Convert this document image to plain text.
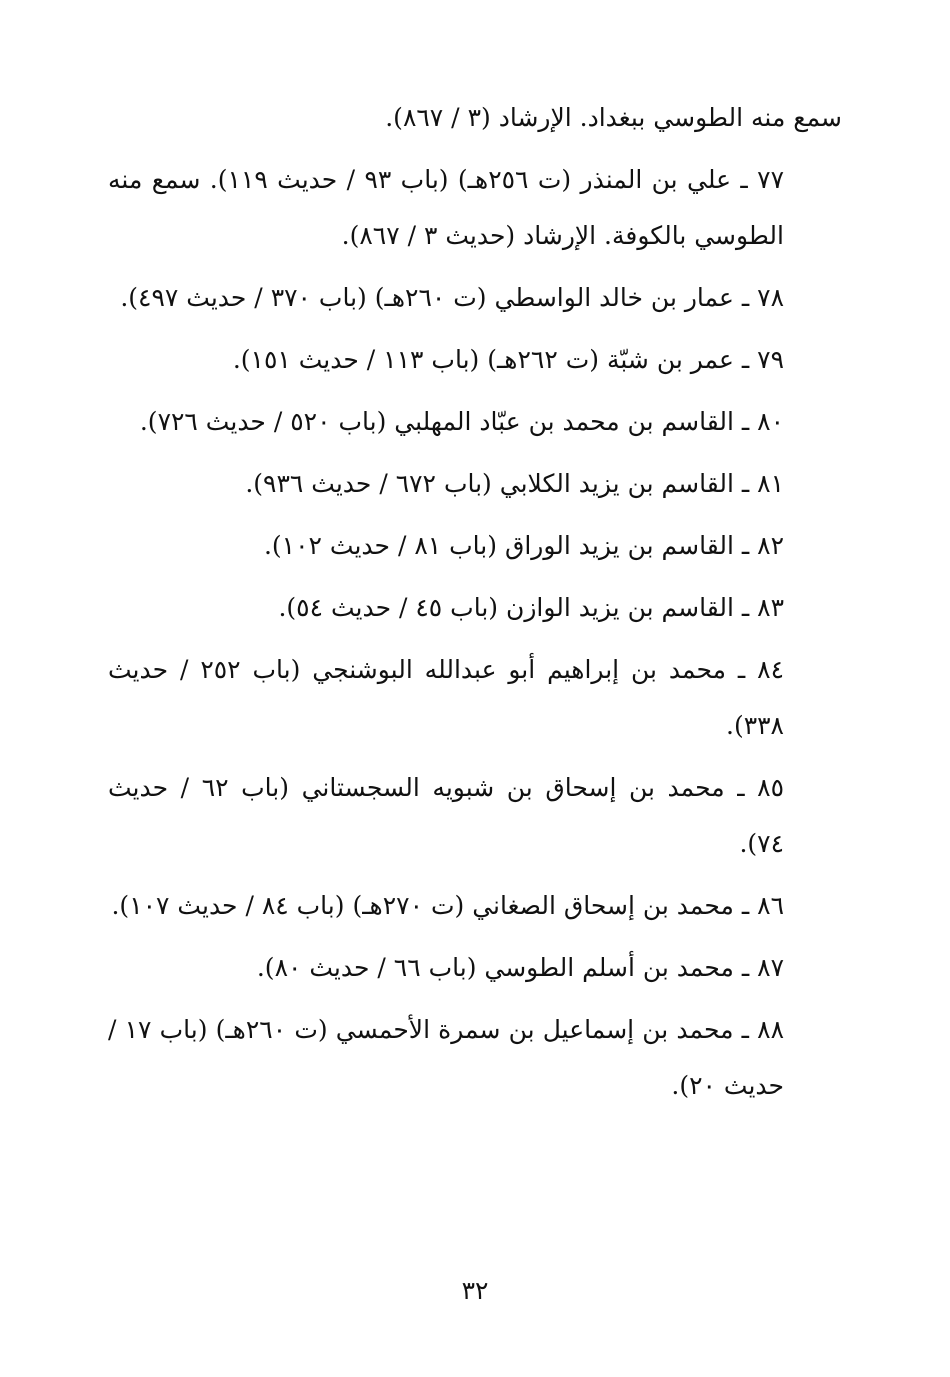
سمع منه الطوسي ببغداد. الإرشاد (٣ / ٨٦٧).

٧٧ ـ علي بن المنذر (ت ٢٥٦هـ) (باب ٩٣ / حديث ١١٩). سمع منه الطوسي بالكوفة. الإرشاد (حديث ٣ / ٨٦٧).

٧٨ ـ عمار بن خالد الواسطي (ت ٢٦٠هـ) (باب ٣٧٠ / حديث ٤٩٧).

٧٩ ـ عمر بن شبّة (ت ٢٦٢هـ) (باب ١١٣ / حديث ١٥١).

٨٠ ـ القاسم بن محمد بن عبّاد المهلبي (باب ٥٢٠ / حديث ٧٢٦).

٨١ ـ القاسم بن يزيد الكلابي (باب ٦٧٢ / حديث ٩٣٦).

٨٢ ـ القاسم بن يزيد الوراق (باب ٨١ / حديث ١٠٢).

٨٣ ـ القاسم بن يزيد الوازن (باب ٤٥ / حديث ٥٤).

٨٤ ـ محمد بن إبراهيم أبو عبدالله البوشنجي (باب ٢٥٢ / حديث ٣٣٨).

٨٥ ـ محمد بن إسحاق بن شبويه السجستاني (باب ٦٢ / حديث ٧٤).

٨٦ ـ محمد بن إسحاق الصغاني (ت ٢٧٠هـ) (باب ٨٤ / حديث ١٠٧).

٨٧ ـ محمد بن أسلم الطوسي (باب ٦٦ / حديث ٨٠).

٨٨ ـ محمد بن إسماعيل بن سمرة الأحمسي (ت ٢٦٠هـ) (باب ١٧ / حديث ٢٠).

٣٢
